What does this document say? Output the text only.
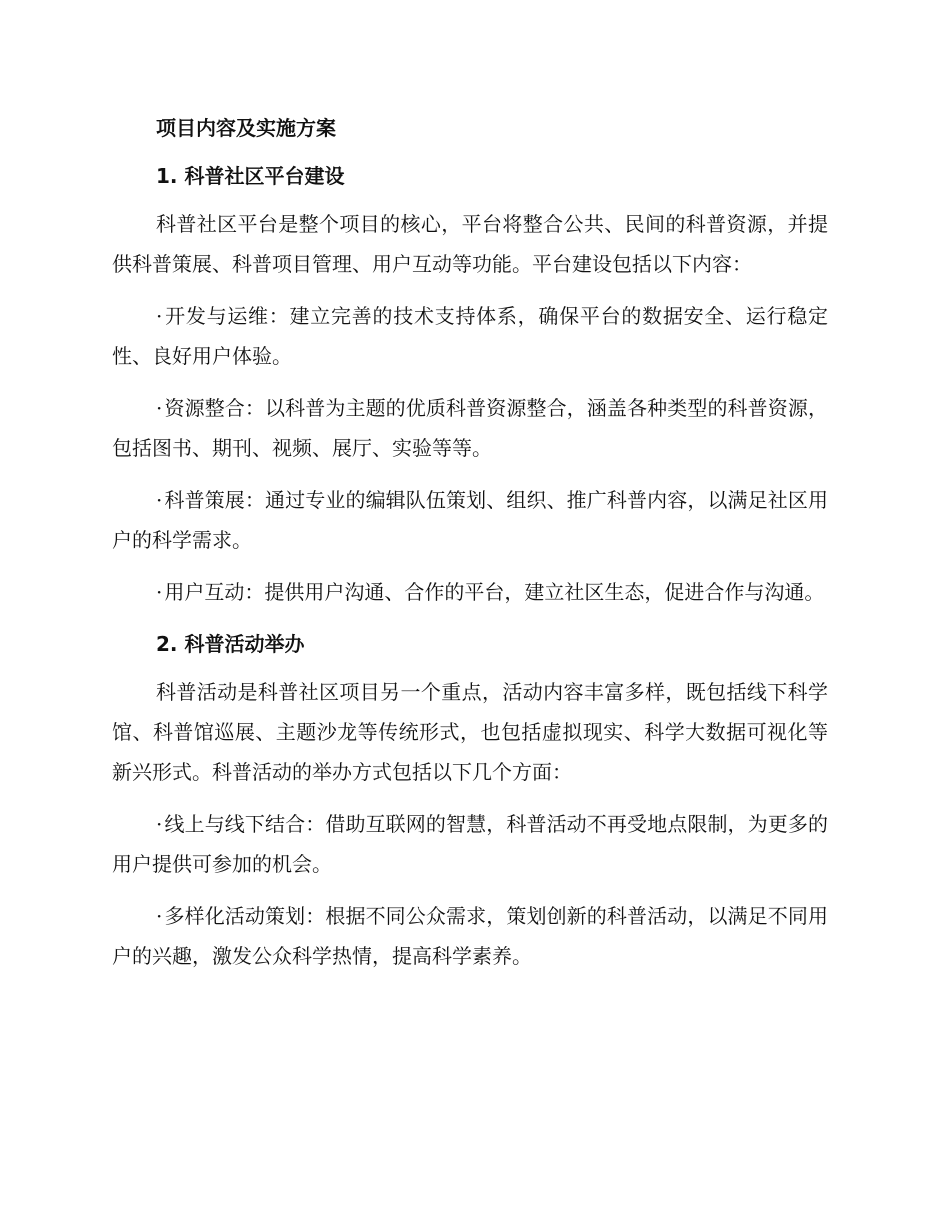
项目内容及实施方案
1. 科普社区平台建设

科普社区平台是整个项目的核心，平台将整合公共、民间的科普资源，并提供科普策展、科普项目管理、用户互动等功能。平台建设包括以下内容：

· 开发与运维：建立完善的技术支持体系，确保平台的数据安全、运行稳定性、良好用户体验。

· 资源整合：以科普为主题的优质科普资源整合，涵盖各种类型的科普资源，包括图书、期刊、视频、展厅、实验等等。

· 科普策展：通过专业的编辑队伍策划、组织、推广科普内容，以满足社区用户的科学需求。

· 用户互动：提供用户沟通、合作的平台，建立社区生态，促进合作与沟通。

2. 科普活动举办

科普活动是科普社区项目另一个重点，活动内容丰富多样，既包括线下科学馆、科普馆巡展、主题沙龙等传统形式，也包括虚拟现实、科学大数据可视化等新兴形式。科普活动的举办方式包括以下几个方面：

· 线上与线下结合：借助互联网的智慧，科普活动不再受地点限制，为更多的用户提供可参加的机会。

· 多样化活动策划：根据不同公众需求，策划创新的科普活动，以满足不同用户的兴趣，激发公众科学热情，提高科学素养。
